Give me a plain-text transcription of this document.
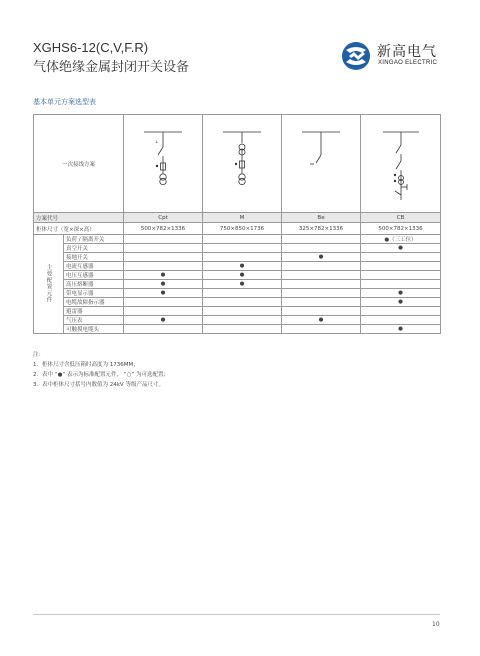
XGHS6-12(C,V,F.R)
气体绝缘金属封闭开关设备
新高电气
XINGAO ELECTRIC
基本单元方案选型表
一次接线方案		↓

方案代号		Cpt	M	Be	CB
柜体尺寸（宽×深×高）		500×782×1336	750×850×1736	325×782×1336	500×782×1336
主要配置元件	负荷 / 隔离开关				●（三工位）
	真空开关				●
	接地开关			●	
	电流互感器		●		
	电压互感器	●	●		
	高压熔断器	●	●		
	带电显示器	●			●
	电缆故障指示器				●
	避雷器				
	气压表	●		●	
	可触摸电缆头				●
注：
1．柜体尺寸含低压箱时高度为 1736MM；
2．表中 “●” 表示为标准配置元件， “○” 为可选配置；
3．表中柜体尺寸括号内数值为 24kV 等级产品尺寸。
10
